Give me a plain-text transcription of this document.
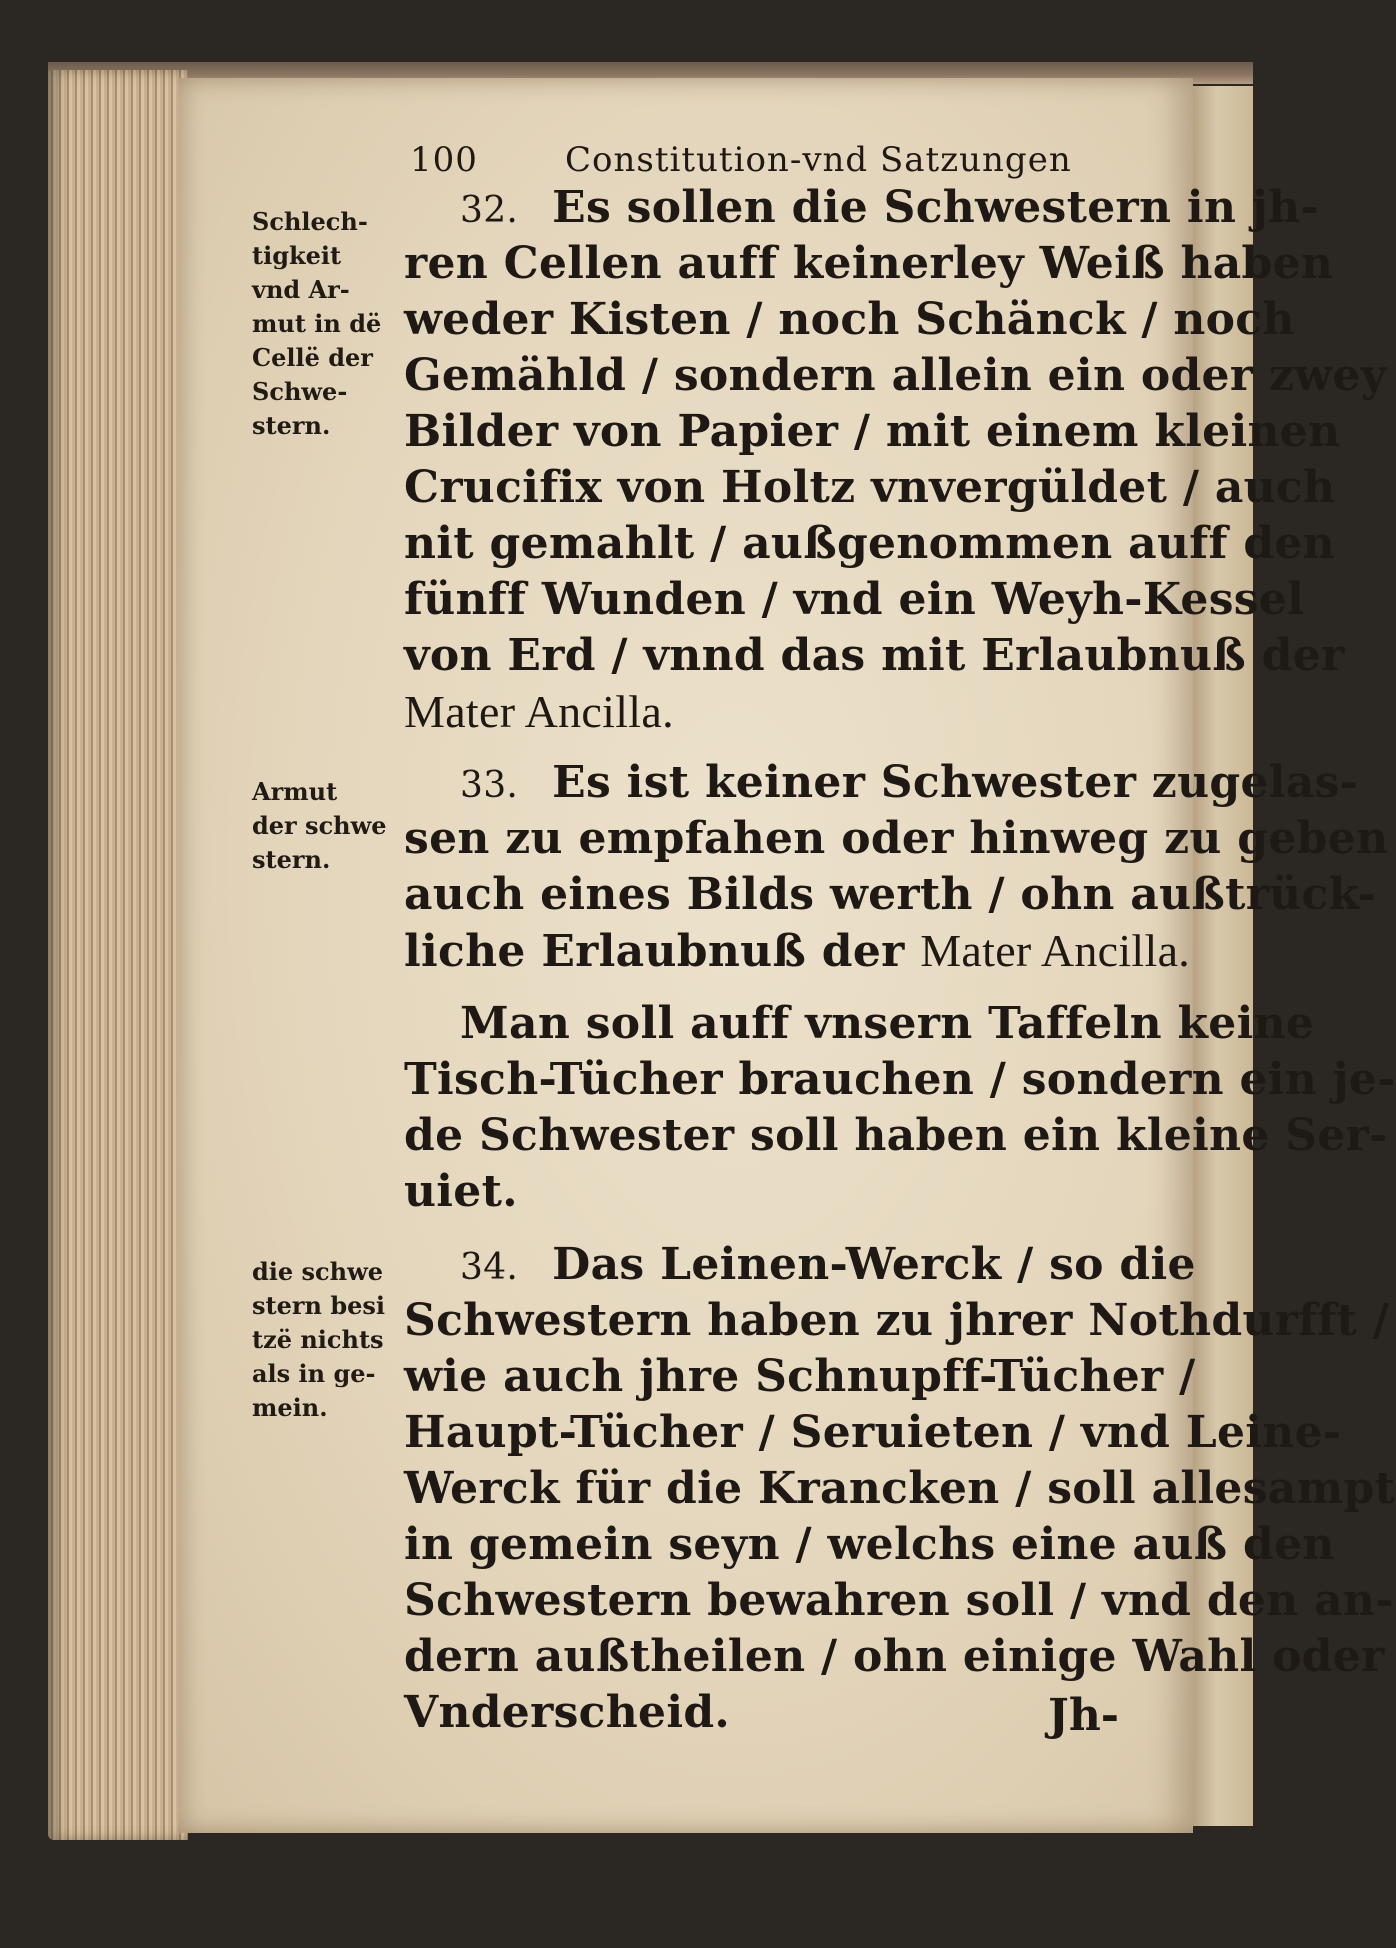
100	Constitution-vnd Satzungen
32. Es sollen die Schwestern in jh-
ren Cellen auff keinerley Weiß haben
weder Kisten / noch Schänck / noch
Gemähld / sondern allein ein oder zwey
Bilder von Papier / mit einem kleinen
Crucifix von Holtz vnvergüldet / auch
nit gemahlt / außgenommen auff den
fünff Wunden / vnd ein Weyh-Kessel
von Erd / vnnd das mit Erlaubnuß der
Mater Ancilla.
33. Es ist keiner Schwester zugelas-
sen zu empfahen oder hinweg zu geben
auch eines Bilds werth / ohn außtrück-
liche Erlaubnuß der Mater Ancilla.
Man soll auff vnsern Taffeln keine
Tisch-Tücher brauchen / sondern ein je-
de Schwester soll haben ein kleine Ser-
uiet.
34. Das Leinen-Werck / so die
Schwestern haben zu jhrer Nothdurfft /
wie auch jhre Schnupff-Tücher /
Haupt-Tücher / Seruieten / vnd Leine-
Werck für die Krancken / soll allesampt
in gemein seyn / welchs eine auß den
Schwestern bewahren soll / vnd den an-
dern außtheilen / ohn einige Wahl oder
Vnderscheid.
Schlech-
tigkeit
vnd Ar-
mut in dë
Cellë der
Schwe-
stern.
Armut
der schwe
stern.
die schwe
stern besi
tzë nichts
als in ge-
mein.
Jh-
